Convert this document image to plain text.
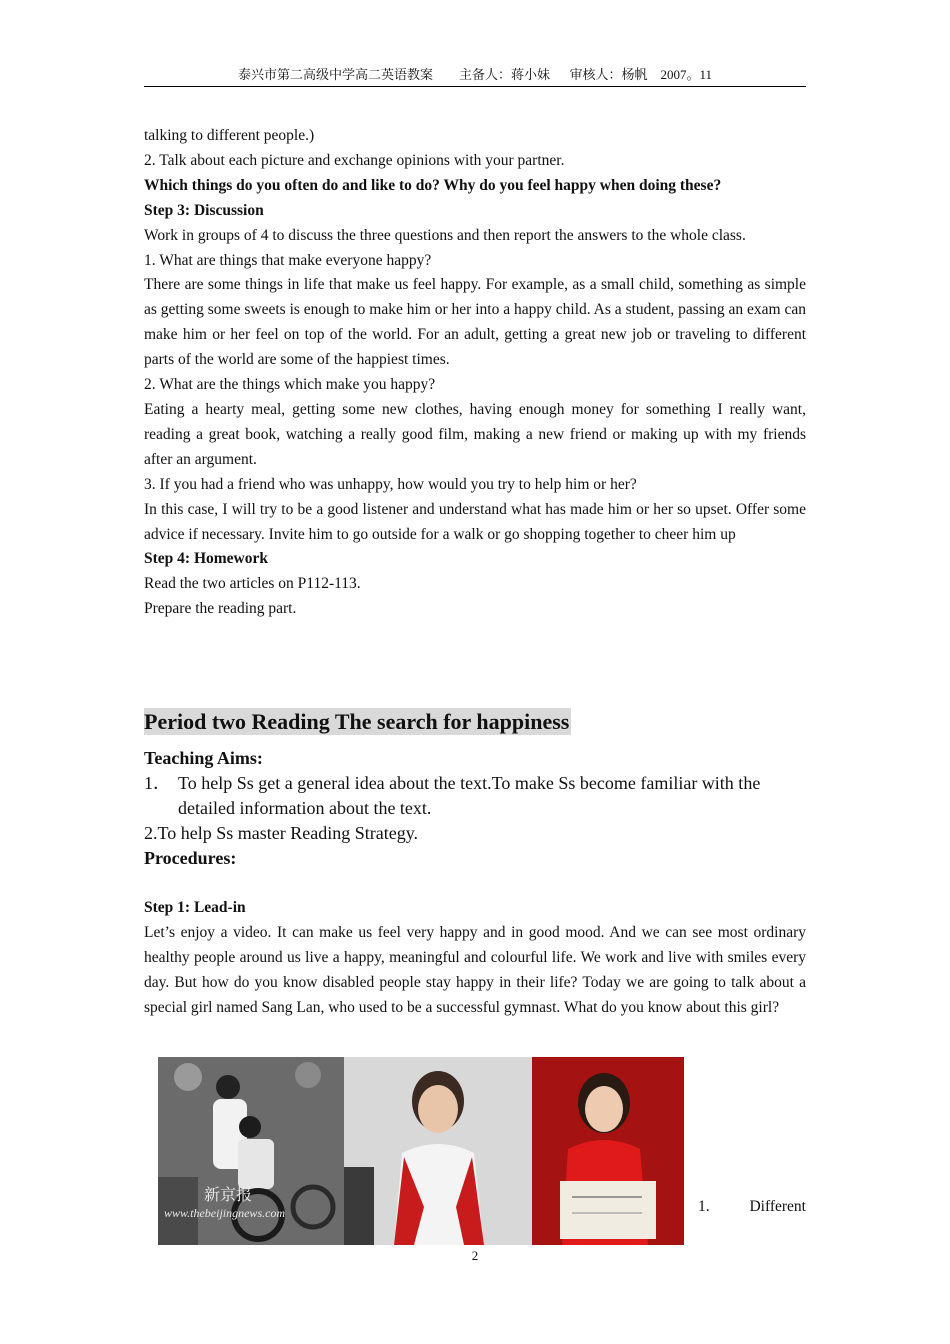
泰兴市第二高级中学高二英语教案 主备人：蒋小妹 审核人：杨帆 2007。11

talking to different people.)

2. Talk about each picture and exchange opinions with your partner.

Which things do you often do and like to do? Why do you feel happy when doing these?

Step 3: Discussion

Work in groups of 4 to discuss the three questions and then report the answers to the whole class.

1. What are things that make everyone happy?

There are some things in life that make us feel happy. For example, as a small child, something as simple as getting some sweets is enough to make him or her into a happy child. As a student, passing an exam can make him or her feel on top of the world. For an adult, getting a great new job or traveling to different parts of the world are some of the happiest times.

2. What are the things which make you happy?

Eating a hearty meal, getting some new clothes, having enough money for something I really want, reading a great book, watching a really good film, making a new friend or making up with my friends after an argument.

3. If you had a friend who was unhappy, how would you try to help him or her?

In this case, I will try to be a good listener and understand what has made him or her so upset. Offer some advice if necessary. Invite him to go outside for a walk or go shopping together to cheer him up

Step 4: Homework

Read the two articles on P112-113.

Prepare the reading part.

Period two Reading The search for happiness

Teaching Aims:

1． To help Ss get a general idea about the text.To make Ss become familiar with the detailed information about the text.

2.To help Ss master Reading Strategy.

Procedures:

Step 1: Lead-in

Let’s enjoy a video. It can make us feel very happy and in good mood. And we can see most ordinary healthy people around us live a happy, meaningful and colourful life. We work and live with smiles every day. But how do you know disabled people stay happy in their life? Today we are going to talk about a special girl named Sang Lan, who used to be a successful gymnast. What do you know about this girl?

新京报
www.thebeijingnews.com	1.	Different
2
